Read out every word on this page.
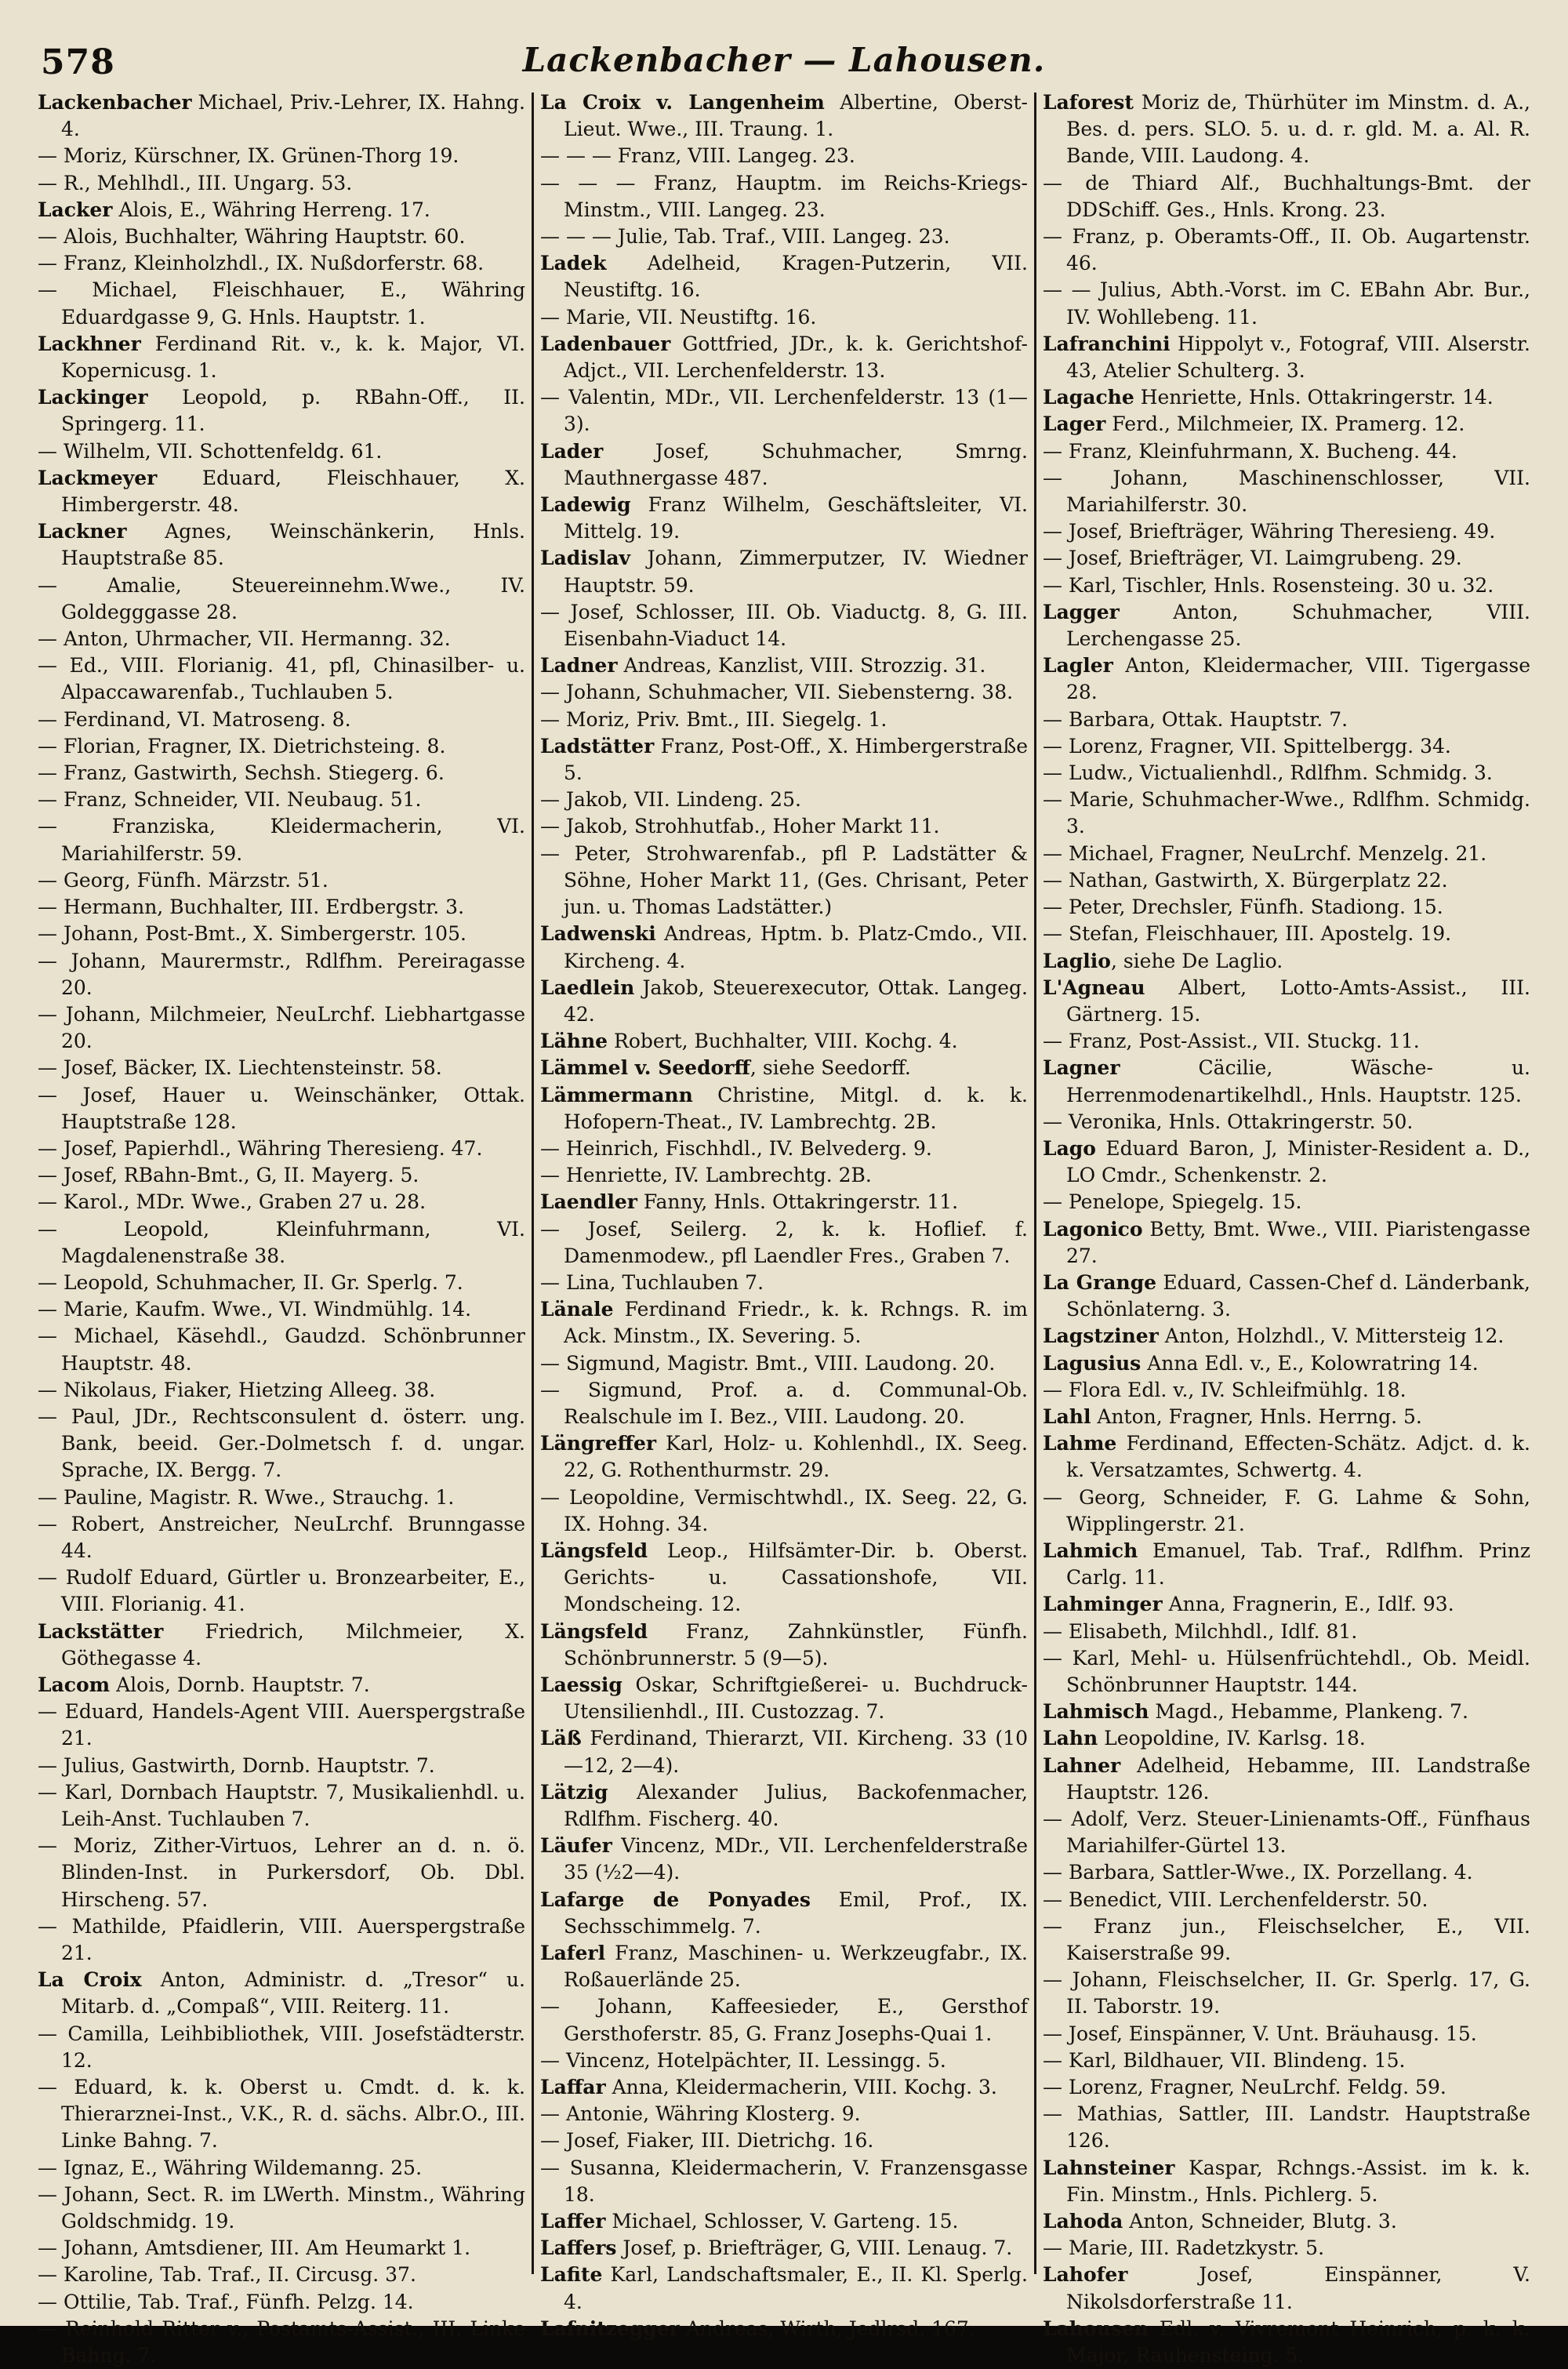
578	Lackenbacher — Lahousen.

Lackenbacher Michael, Priv.-Lehrer, IX. Hahng. 4.

— Moriz, Kürschner, IX. Grünen-Thorg 19.

— R., Mehlhdl., III. Ungarg. 53.

Lacker Alois, E., Währing Herreng. 17.

— Alois, Buchhalter, Währing Hauptstr. 60.

— Franz, Kleinholzhdl., IX. Nußdorferstr. 68.

— Michael, Fleischhauer, E., Währing Eduardgasse 9, G. Hnls. Hauptstr. 1.

Lackhner Ferdinand Rit. v., k. k. Major, VI. Kopernicusg. 1.

Lackinger Leopold, p. RBahn-Off., II. Springerg. 11.

— Wilhelm, VII. Schottenfeldg. 61.

Lackmeyer Eduard, Fleischhauer, X. Himbergerstr. 48.

Lackner Agnes, Weinschänkerin, Hnls. Hauptstraße 85.

— Amalie, Steuereinnehm.Wwe., IV. Goldegggasse 28.

— Anton, Uhrmacher, VII. Hermanng. 32.

— Ed., VIII. Florianig. 41, pfl, Chinasilber- u. Alpaccawarenfab., Tuchlauben 5.

— Ferdinand, VI. Matroseng. 8.

— Florian, Fragner, IX. Dietrichsteing. 8.

— Franz, Gastwirth, Sechsh. Stiegerg. 6.

— Franz, Schneider, VII. Neubaug. 51.

— Franziska, Kleidermacherin, VI. Mariahilferstr. 59.

— Georg, Fünfh. Märzstr. 51.

— Hermann, Buchhalter, III. Erdbergstr. 3.

— Johann, Post-Bmt., X. Simbergerstr. 105.

— Johann, Maurermstr., Rdlfhm. Pereiragasse 20.

— Johann, Milchmeier, NeuLrchf. Liebhartgasse 20.

— Josef, Bäcker, IX. Liechtensteinstr. 58.

— Josef, Hauer u. Weinschänker, Ottak. Hauptstraße 128.

— Josef, Papierhdl., Währing Theresieng. 47.

— Josef, RBahn-Bmt., G, II. Mayerg. 5.

— Karol., MDr. Wwe., Graben 27 u. 28.

— Leopold, Kleinfuhrmann, VI. Magdalenenstraße 38.

— Leopold, Schuhmacher, II. Gr. Sperlg. 7.

— Marie, Kaufm. Wwe., VI. Windmühlg. 14.

— Michael, Käsehdl., Gaudzd. Schönbrunner Hauptstr. 48.

— Nikolaus, Fiaker, Hietzing Alleeg. 38.

— Paul, JDr., Rechtsconsulent d. österr. ung. Bank, beeid. Ger.-Dolmetsch f. d. ungar. Sprache, IX. Bergg. 7.

— Pauline, Magistr. R. Wwe., Strauchg. 1.

— Robert, Anstreicher, NeuLrchf. Brunngasse 44.

— Rudolf Eduard, Gürtler u. Bronzearbeiter, E., VIII. Florianig. 41.

Lackstätter Friedrich, Milchmeier, X. Göthegasse 4.

Lacom Alois, Dornb. Hauptstr. 7.

— Eduard, Handels-Agent VIII. Auerspergstraße 21.

— Julius, Gastwirth, Dornb. Hauptstr. 7.

— Karl, Dornbach Hauptstr. 7, Musikalienhdl. u. Leih-Anst. Tuchlauben 7.

— Moriz, Zither-Virtuos, Lehrer an d. n. ö. Blinden-Inst. in Purkersdorf, Ob. Dbl. Hirscheng. 57.

— Mathilde, Pfaidlerin, VIII. Auerspergstraße 21.

La Croix Anton, Administr. d. „Tresor“ u. Mitarb. d. „Compaß“, VIII. Reiterg. 11.

— Camilla, Leihbibliothek, VIII. Josefstädterstr. 12.

— Eduard, k. k. Oberst u. Cmdt. d. k. k. Thierarznei-Inst., V.K., R. d. sächs. Albr.O., III. Linke Bahng. 7.

— Ignaz, E., Währing Wildemanng. 25.

— Johann, Sect. R. im LWerth. Minstm., Währing Goldschmidg. 19.

— Johann, Amtsdiener, III. Am Heumarkt 1.

— Karoline, Tab. Traf., II. Circusg. 37.

— Ottilie, Tab. Traf., Fünfh. Pelzg. 14.

— Reinhold Ritter v., Postamts-Assist., III. Linke Bahng. 7.

La Croix v. Langenheim Albertine, Oberst-Lieut. Wwe., III. Traung. 1.

— — — Franz, VIII. Langeg. 23.

— — — Franz, Hauptm. im Reichs-Kriegs-Minstm., VIII. Langeg. 23.

— — — Julie, Tab. Traf., VIII. Langeg. 23.

Ladek Adelheid, Kragen-Putzerin, VII. Neustiftg. 16.

— Marie, VII. Neustiftg. 16.

Ladenbauer Gottfried, JDr., k. k. Gerichtshof-Adjct., VII. Lerchenfelderstr. 13.

— Valentin, MDr., VII. Lerchenfelderstr. 13 (1—3).

Lader Josef, Schuhmacher, Smrng. Mauthnergasse 487.

Ladewig Franz Wilhelm, Geschäftsleiter, VI. Mittelg. 19.

Ladislav Johann, Zimmerputzer, IV. Wiedner Hauptstr. 59.

— Josef, Schlosser, III. Ob. Viaductg. 8, G. III. Eisenbahn-Viaduct 14.

Ladner Andreas, Kanzlist, VIII. Strozzig. 31.

— Johann, Schuhmacher, VII. Siebensterng. 38.

— Moriz, Priv. Bmt., III. Siegelg. 1.

Ladstätter Franz, Post-Off., X. Himbergerstraße 5.

— Jakob, VII. Lindeng. 25.

— Jakob, Strohhutfab., Hoher Markt 11.

— Peter, Strohwarenfab., pfl P. Ladstätter & Söhne, Hoher Markt 11, (Ges. Chrisant, Peter jun. u. Thomas Ladstätter.)

Ladwenski Andreas, Hptm. b. Platz-Cmdo., VII. Kircheng. 4.

Laedlein Jakob, Steuerexecutor, Ottak. Langeg. 42.

Lähne Robert, Buchhalter, VIII. Kochg. 4.

Lämmel v. Seedorff, siehe Seedorff.

Lämmermann Christine, Mitgl. d. k. k. Hofopern-Theat., IV. Lambrechtg. 2B.

— Heinrich, Fischhdl., IV. Belvederg. 9.

— Henriette, IV. Lambrechtg. 2B.

Laendler Fanny, Hnls. Ottakringerstr. 11.

— Josef, Seilerg. 2, k. k. Hoflief. f. Damenmodew., pfl Laendler Fres., Graben 7.

— Lina, Tuchlauben 7.

Länale Ferdinand Friedr., k. k. Rchngs. R. im Ack. Minstm., IX. Severing. 5.

— Sigmund, Magistr. Bmt., VIII. Laudong. 20.

— Sigmund, Prof. a. d. Communal-Ob. Realschule im I. Bez., VIII. Laudong. 20.

Längreffer Karl, Holz- u. Kohlenhdl., IX. Seeg. 22, G. Rothenthurmstr. 29.

— Leopoldine, Vermischtwhdl., IX. Seeg. 22, G. IX. Hohng. 34.

Längsfeld Leop., Hilfsämter-Dir. b. Oberst. Gerichts- u. Cassationshofe, VII. Mondscheing. 12.

Längsfeld Franz, Zahnkünstler, Fünfh. Schönbrunnerstr. 5 (9—5).

Laessig Oskar, Schriftgießerei- u. Buchdruck-Utensilienhdl., III. Custozzag. 7.

Läß Ferdinand, Thierarzt, VII. Kircheng. 33 (10—12, 2—4).

Lätzig Alexander Julius, Backofenmacher, Rdlfhm. Fischerg. 40.

Läufer Vincenz, MDr., VII. Lerchenfelderstraße 35 (½2—4).

Lafarge de Ponyades Emil, Prof., IX. Sechsschimmelg. 7.

Laferl Franz, Maschinen- u. Werkzeugfabr., IX. Roßauerlände 25.

— Johann, Kaffeesieder, E., Gersthof Gersthoferstr. 85, G. Franz Josephs-Quai 1.

— Vincenz, Hotelpächter, II. Lessingg. 5.

Laffar Anna, Kleidermacherin, VIII. Kochg. 3.

— Antonie, Währing Klosterg. 9.

— Josef, Fiaker, III. Dietrichg. 16.

— Susanna, Kleidermacherin, V. Franzensgasse 18.

Laffer Michael, Schlosser, V. Garteng. 15.

Laffers Josef, p. Briefträger, G, VIII. Lenaug. 7.

Lafite Karl, Landschaftsmaler, E., II. Kl. Sperlg. 4.

Lafnitzegger Andreas, Wirth, Jedlrsd. 167.

Laforest Moriz de, Thürhüter im Minstm. d. A., Bes. d. pers. SLO. 5. u. d. r. gld. M. a. Al. R. Bande, VIII. Laudong. 4.

— de Thiard Alf., Buchhaltungs-Bmt. der DDSchiff. Ges., Hnls. Krong. 23.

— Franz, p. Oberamts-Off., II. Ob. Augartenstr. 46.

— — Julius, Abth.-Vorst. im C. EBahn Abr. Bur., IV. Wohllebeng. 11.

Lafranchini Hippolyt v., Fotograf, VIII. Alserstr. 43, Atelier Schulterg. 3.

Lagache Henriette, Hnls. Ottakringerstr. 14.

Lager Ferd., Milchmeier, IX. Pramerg. 12.

— Franz, Kleinfuhrmann, X. Bucheng. 44.

— Johann, Maschinenschlosser, VII. Mariahilferstr. 30.

— Josef, Briefträger, Währing Theresieng. 49.

— Josef, Briefträger, VI. Laimgrubeng. 29.

— Karl, Tischler, Hnls. Rosensteing. 30 u. 32.

Lagger Anton, Schuhmacher, VIII. Lerchengasse 25.

Lagler Anton, Kleidermacher, VIII. Tigergasse 28.

— Barbara, Ottak. Hauptstr. 7.

— Lorenz, Fragner, VII. Spittelbergg. 34.

— Ludw., Victualienhdl., Rdlfhm. Schmidg. 3.

— Marie, Schuhmacher-Wwe., Rdlfhm. Schmidg. 3.

— Michael, Fragner, NeuLrchf. Menzelg. 21.

— Nathan, Gastwirth, X. Bürgerplatz 22.

— Peter, Drechsler, Fünfh. Stadiong. 15.

— Stefan, Fleischhauer, III. Apostelg. 19.

Laglio, siehe De Laglio.

L'Agneau Albert, Lotto-Amts-Assist., III. Gärtnerg. 15.

— Franz, Post-Assist., VII. Stuckg. 11.

Lagner Cäcilie, Wäsche- u. Herrenmodenartikelhdl., Hnls. Hauptstr. 125.

— Veronika, Hnls. Ottakringerstr. 50.

Lago Eduard Baron, J, Minister-Resident a. D., LO Cmdr., Schenkenstr. 2.

— Penelope, Spiegelg. 15.

Lagonico Betty, Bmt. Wwe., VIII. Piaristengasse 27.

La Grange Eduard, Cassen-Chef d. Länderbank, Schönlaterng. 3.

Lagstziner Anton, Holzhdl., V. Mittersteig 12.

Lagusius Anna Edl. v., E., Kolowratring 14.

— Flora Edl. v., IV. Schleifmühlg. 18.

Lahl Anton, Fragner, Hnls. Herrng. 5.

Lahme Ferdinand, Effecten-Schätz. Adjct. d. k. k. Versatzamtes, Schwertg. 4.

— Georg, Schneider, F. G. Lahme & Sohn, Wipplingerstr. 21.

Lahmich Emanuel, Tab. Traf., Rdlfhm. Prinz Carlg. 11.

Lahminger Anna, Fragnerin, E., Idlf. 93.

— Elisabeth, Milchhdl., Idlf. 81.

— Karl, Mehl- u. Hülsenfrüchtehdl., Ob. Meidl. Schönbrunner Hauptstr. 144.

Lahmisch Magd., Hebamme, Plankeng. 7.

Lahn Leopoldine, IV. Karlsg. 18.

Lahner Adelheid, Hebamme, III. Landstraße Hauptstr. 126.

— Adolf, Verz. Steuer-Linienamts-Off., Fünfhaus Mariahilfer-Gürtel 13.

— Barbara, Sattler-Wwe., IX. Porzellang. 4.

— Benedict, VIII. Lerchenfelderstr. 50.

— Franz jun., Fleischselcher, E., VII. Kaiserstraße 99.

— Johann, Fleischselcher, II. Gr. Sperlg. 17, G. II. Taborstr. 19.

— Josef, Einspänner, V. Unt. Bräuhausg. 15.

— Karl, Bildhauer, VII. Blindeng. 15.

— Lorenz, Fragner, NeuLrchf. Feldg. 59.

— Mathias, Sattler, III. Landstr. Hauptstraße 126.

Lahnsteiner Kaspar, Rchngs.-Assist. im k. k. Fin. Minstm., Hnls. Pichlerg. 5.

Lahoda Anton, Schneider, Blutg. 3.

— Marie, III. Radetzkystr. 5.

Lahofer Josef, Einspänner, V. Nikolsdorferstraße 11.

Lahousen Edl. v. Vivremont Heinrich, p. k. k. Major, Rauhensteing. 5.
